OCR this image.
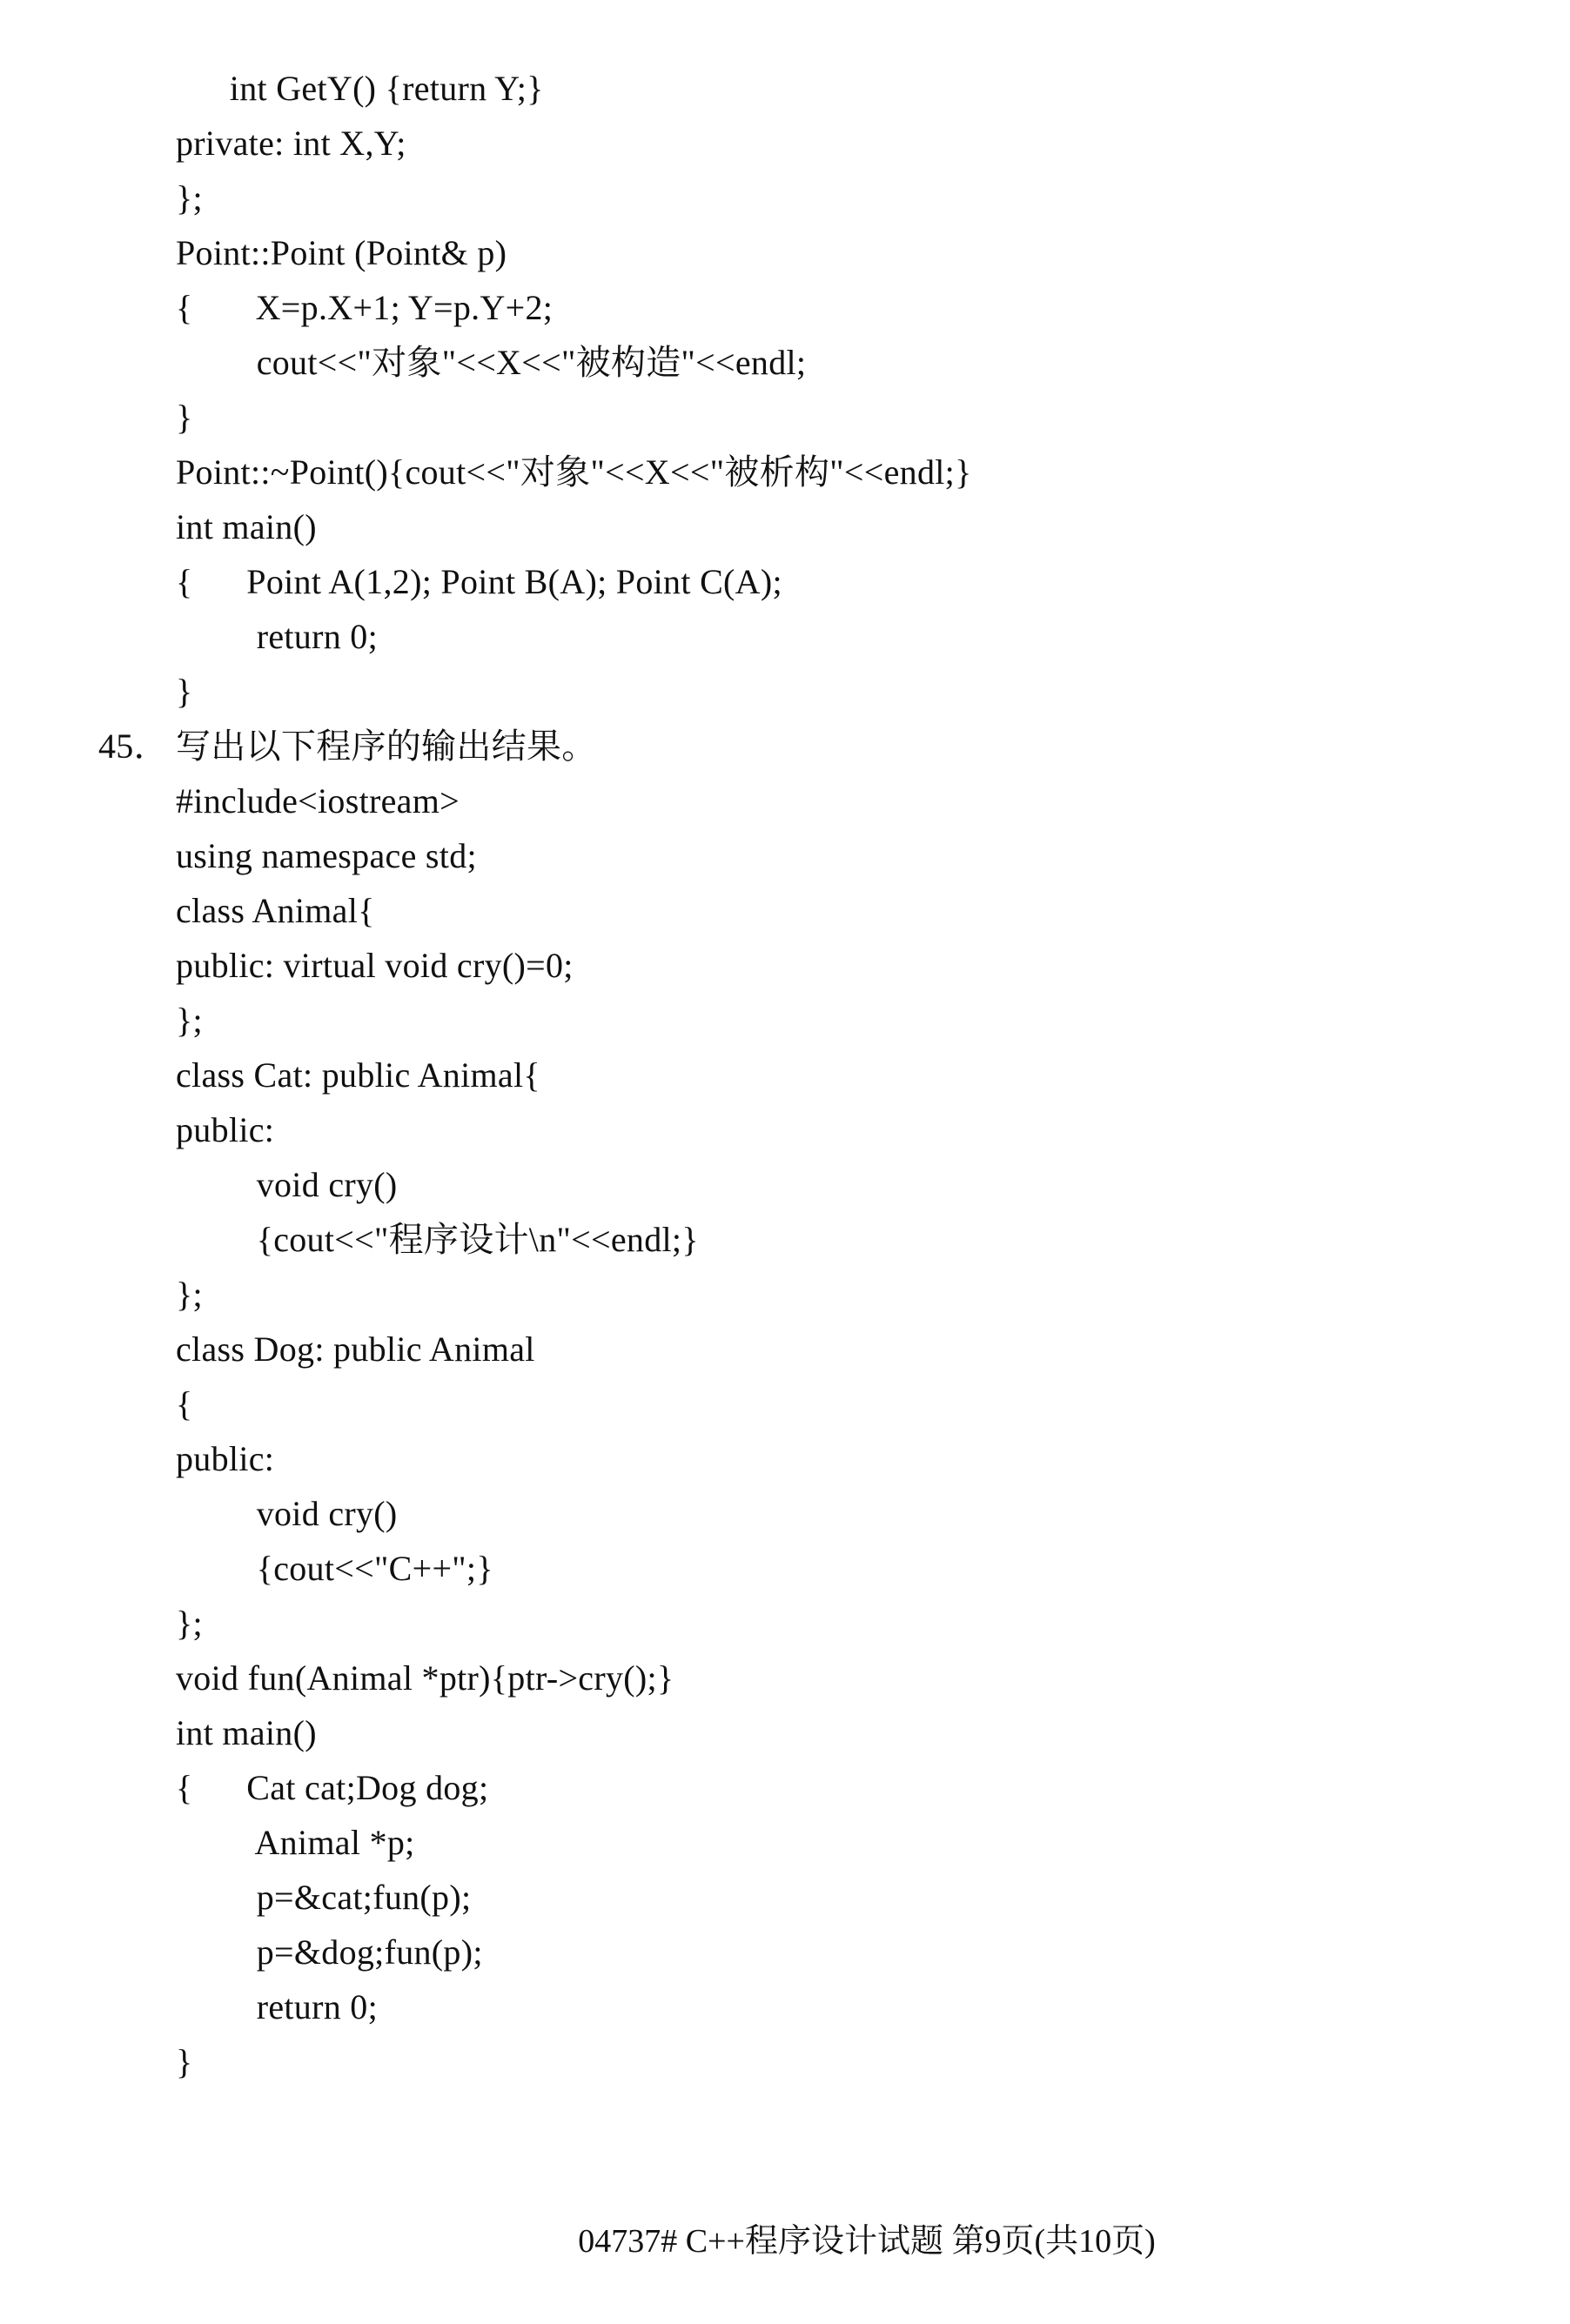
int GetY() {return Y;}
private: int X,Y;
};
Point::Point (Point& p)
{       X=p.X+1; Y=p.Y+2;
cout<<"对象"<<X<<"被构造"<<endl;
}
Point::~Point(){cout<<"对象"<<X<<"被析构"<<endl;}
int main()
{      Point A(1,2); Point B(A); Point C(A);
return 0;
}
45． 写出以下程序的输出结果。
#include<iostream>
using namespace std;
class Animal{
public: virtual void cry()=0;
};
class Cat: public Animal{
public:
void cry()
{cout<<"程序设计\n"<<endl;}
};
class Dog: public Animal
{
public:
void cry()
{cout<<"C++";}
};
void fun(Animal *ptr){ptr->cry();}
int main()
{      Cat cat;Dog dog;
Animal *p;
p=&cat;fun(p);
p=&dog;fun(p);
return 0;
}

04737# C++程序设计试题 第9页(共10页)
